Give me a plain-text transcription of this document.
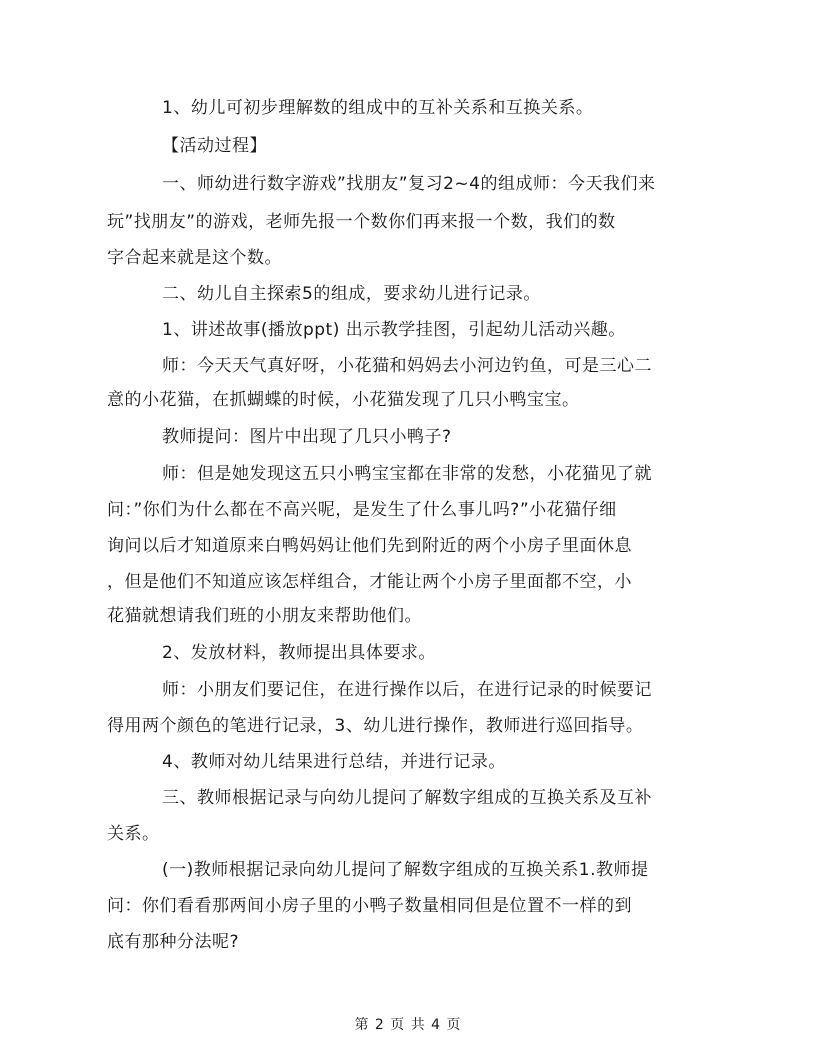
1、幼儿可初步理解数的组成中的互补关系和互换关系。
【活动过程】
一、师幼进行数字游戏”找朋友”复习2~4的组成师：今天我们来
玩”找朋友”的游戏，老师先报一个数你们再来报一个数，我们的数
字合起来就是这个数。
二、幼儿自主探索5的组成，要求幼儿进行记录。
1、讲述故事(播放ppt) 出示教学挂图，引起幼儿活动兴趣。
师：今天天气真好呀，小花猫和妈妈去小河边钓鱼，可是三心二
意的小花猫，在抓蝴蝶的时候，小花猫发现了几只小鸭宝宝。
教师提问：图片中出现了几只小鸭子?
师：但是她发现这五只小鸭宝宝都在非常的发愁，小花猫见了就
问：”你们为什么都在不高兴呢，是发生了什么事儿吗?”小花猫仔细
询问以后才知道原来白鸭妈妈让他们先到附近的两个小房子里面休息
，但是他们不知道应该怎样组合，才能让两个小房子里面都不空，小
花猫就想请我们班的小朋友来帮助他们。
2、发放材料，教师提出具体要求。
师：小朋友们要记住，在进行操作以后，在进行记录的时候要记
得用两个颜色的笔进行记录，3、幼儿进行操作，教师进行巡回指导。
4、教师对幼儿结果进行总结，并进行记录。
三、教师根据记录与向幼儿提问了解数字组成的互换关系及互补
关系。
(一)教师根据记录向幼儿提问了解数字组成的互换关系1.教师提
问：你们看看那两间小房子里的小鸭子数量相同但是位置不一样的到
底有那种分法呢?
第 2 页 共 4 页
